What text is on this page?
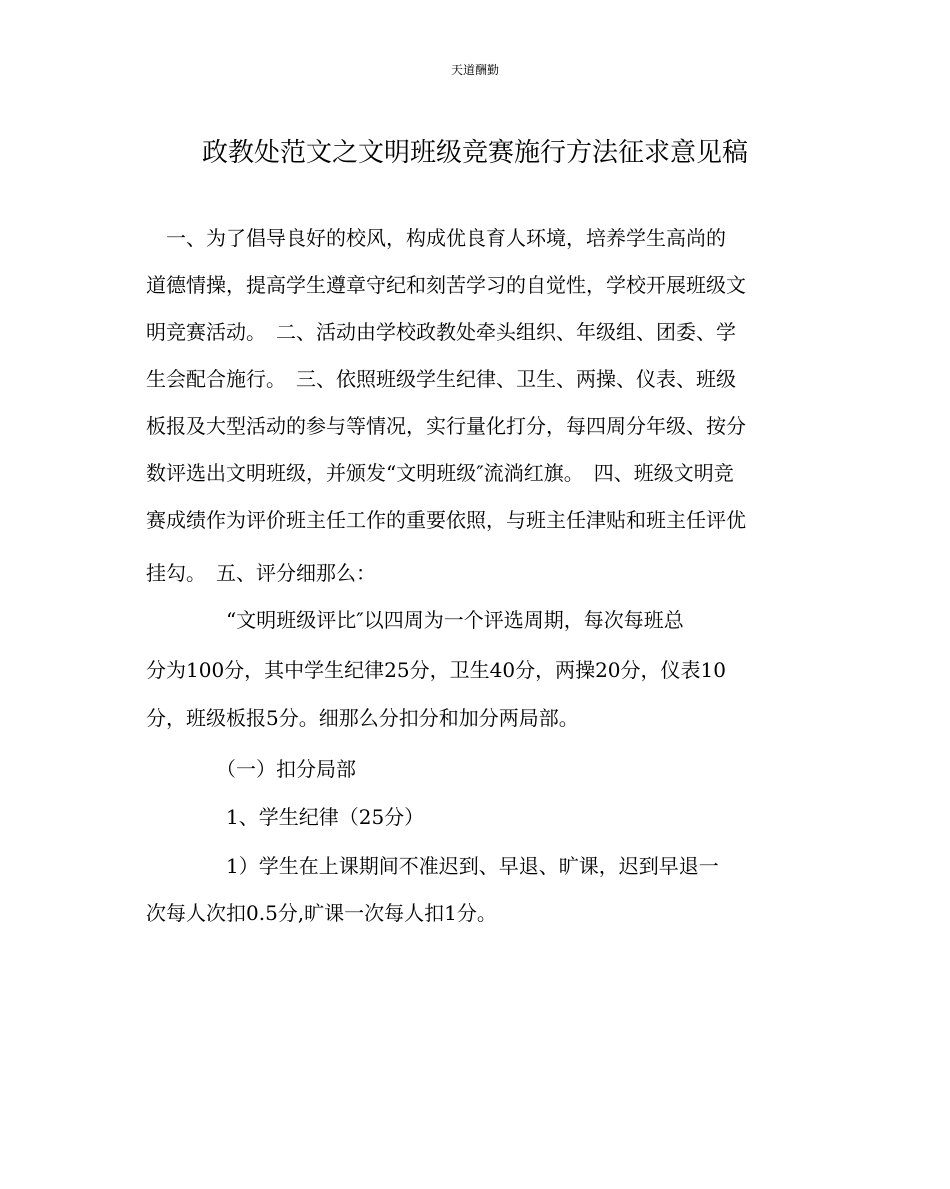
天道酬勤
政教处范文之文明班级竞赛施行方法征求意见稿
　一、为了倡导良好的校风，构成优良育人环境，培养学生高尚的
道德情操，提高学生遵章守纪和刻苦学习的自觉性，学校开展班级文
明竞赛活动。　二、活动由学校政教处牵头组织、年级组、团委、学
生会配合施行。　三、依照班级学生纪律、卫生、两操、仪表、班级
板报及大型活动的参与等情况，实行量化打分，每四周分年级、按分
数评选出文明班级，并颁发“文明班级″流淌红旗。　四、班级文明竞
赛成绩作为评价班主任工作的重要依照，与班主任津贴和班主任评优
挂勾。　五、评分细那么：
　　　　“文明班级评比″以四周为一个评选周期，每次每班总
分为100分，其中学生纪律25分，卫生40分，两操20分，仪表10
分，班级板报5分。细那么分扣分和加分两局部。
　　　　（一）扣分局部
　　　　1、学生纪律（25分）
　　　　1）学生在上课期间不准迟到、早退、旷课，迟到早退一
次每人次扣0.5分,旷课一次每人扣1分。
